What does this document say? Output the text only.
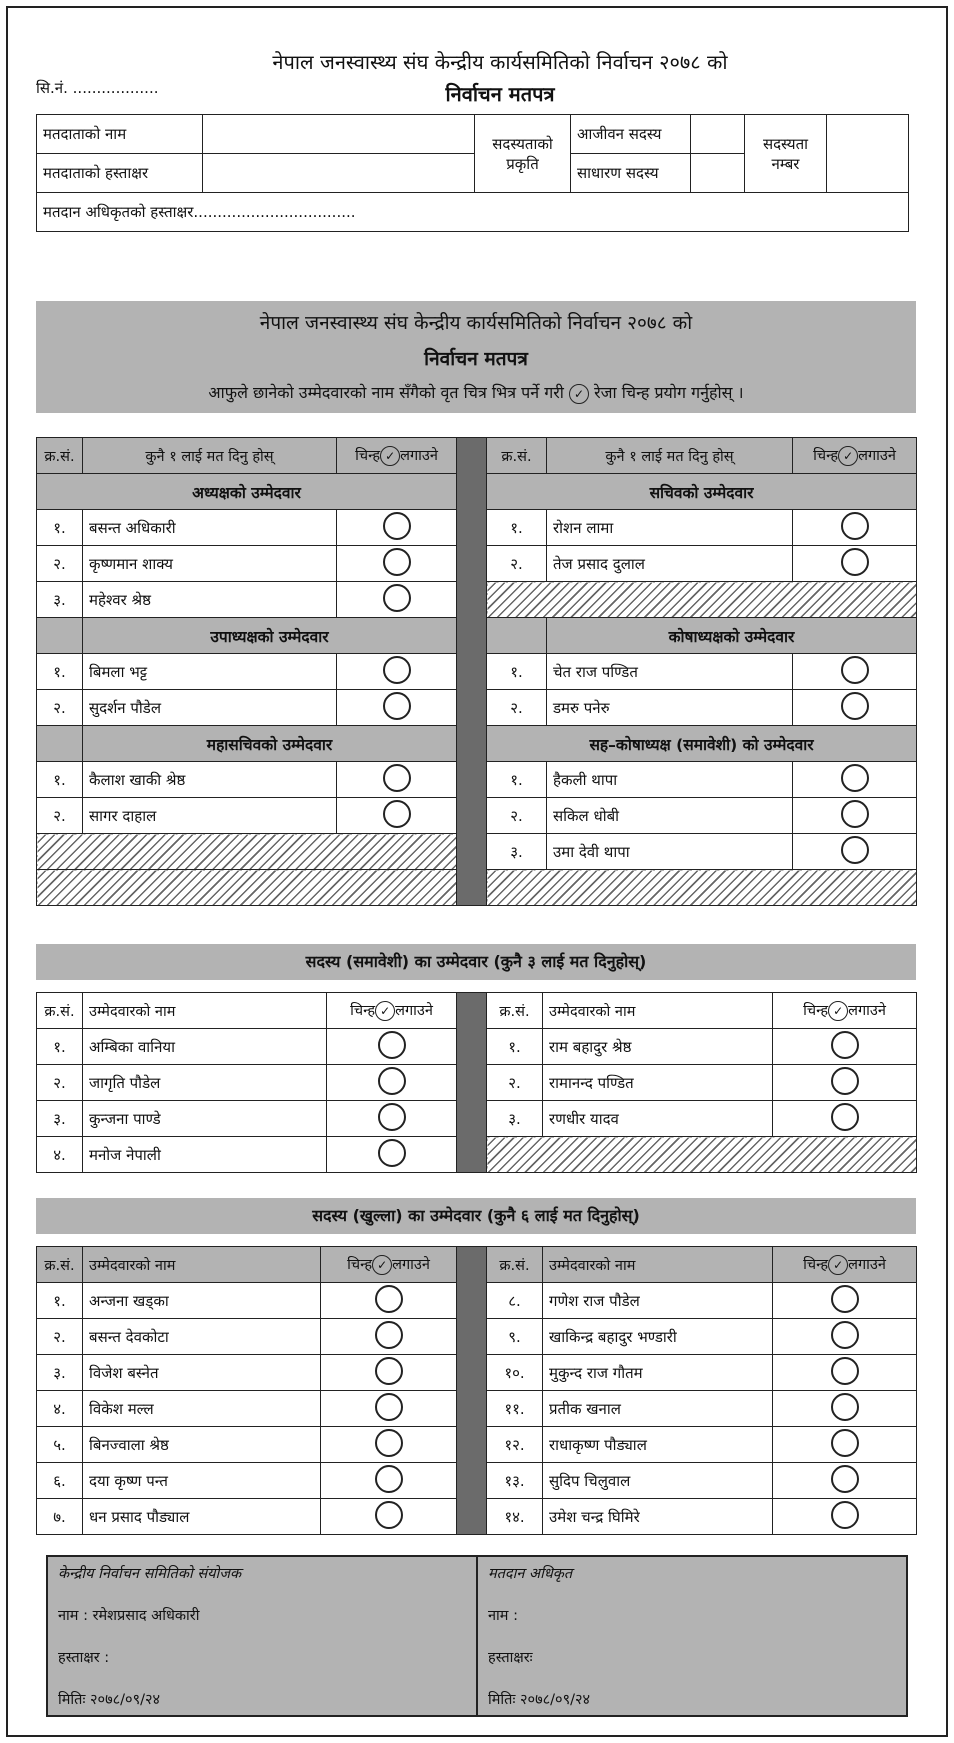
नेपाल जनस्वास्थ्य संघ केन्द्रीय कार्यसमितिको निर्वाचन २०७८ को
सि.नं. ..................	निर्वाचन मतपत्र
मतदाताको नाम		सदस्यताको प्रकृति	आजीवन सदस्य		सदस्यता नम्बर	
मतदाताको हस्ताक्षर			साधारण सदस्य			
मतदान अधिकृतको हस्ताक्षर..................................						
नेपाल जनस्वास्थ्य संघ केन्द्रीय कार्यसमितिको निर्वाचन २०७८ को
निर्वाचन मतपत्र
आफुले छानेको उम्मेदवारको नाम सँगैको वृत चित्र भित्र पर्ने गरी ✓ रेजा चिन्ह प्रयोग गर्नुहोस् ।
क्र.सं.	कुनै १ लाई मत दिनु होस्	चिन्ह ✓ लगाउने		क्र.सं.	कुनै १ लाई मत दिनु होस्	चिन्ह ✓ लगाउने
अध्यक्षको उम्मेदवार				सचिवको उम्मेदवार		
१.	बसन्त अधिकारी			१.	रोशन लामा	
२.	कृष्णमान शाक्य			२.	तेज प्रसाद दुलाल	
३.	महेश्वर श्रेष्ठ					
	उपाध्यक्षको उम्मेदवार				कोषाध्यक्षको उम्मेदवार	
१.	बिमला भट्ट			१.	चेत राज पण्डित	
२.	सुदर्शन पौडेल			२.	डमरु पनेरु	
	महासचिवको उम्मेदवार			सह–कोषाध्यक्ष (समावेशी) को उम्मेदवार		
१.	कैलाश खाकी श्रेष्ठ			१.	हैकली थापा	
२.	सागर दाहाल			२.	सकिल धोबी	
				३.	उमा देवी थापा	

सदस्य (समावेशी) का उम्मेदवार (कुनै ३ लाई मत दिनुहोस्)
क्र.सं.	उम्मेदवारको नाम	चिन्ह ✓ लगाउने		क्र.सं.	उम्मेदवारको नाम	चिन्ह ✓ लगाउने
१.	अम्बिका वानिया			१.	राम बहादुर श्रेष्ठ	
२.	जागृति पौडेल			२.	रामानन्द पण्डित	
३.	कुन्जना पाण्डे			३.	रणधीर यादव	
४.	मनोज नेपाली					
सदस्य (खुल्ला) का उम्मेदवार (कुनै ६ लाई मत दिनुहोस्)
क्र.सं.	उम्मेदवारको नाम	चिन्ह ✓ लगाउने		क्र.सं.	उम्मेदवारको नाम	चिन्ह ✓ लगाउने
१.	अन्जना खड्का			८.	गणेश राज पौडेल	
२.	बसन्त देवकोटा			९.	खाकिन्द्र बहादुर भण्डारी	
३.	विजेश बस्नेत			१०.	मुकुन्द राज गौतम	
४.	विकेश मल्ल			११.	प्रतीक खनाल	
५.	बिनज्वाला श्रेष्ठ			१२.	राधाकृष्ण पौड्याल	
६.	दया कृष्ण पन्त			१३.	सुदिप चिलुवाल	
७.	धन प्रसाद पौड्याल			१४.	उमेश चन्द्र घिमिरे	
केन्द्रीय निर्वाचन समितिको संयोजक
नाम : रमेशप्रसाद अधिकारी
हस्ताक्षर :
मितिः २०७८/०९/२४

मतदान अधिकृत
नाम :
हस्ताक्षरः
मितिः २०७८/०९/२४
